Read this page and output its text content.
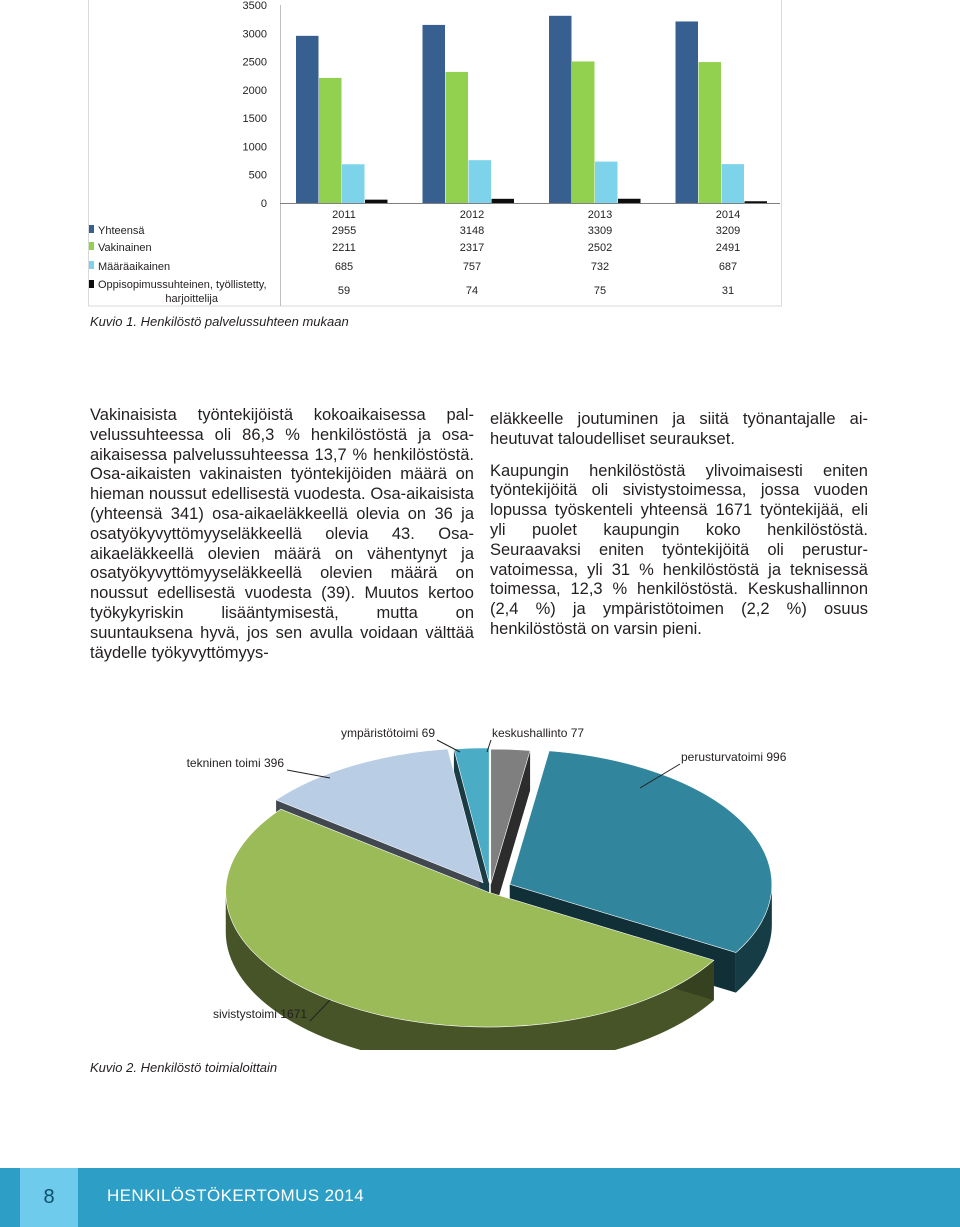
0
500
1000
1500
2000
2500
3000
3500
2011	2012	2013	2014
Yhteensä	2955	3148	3309	3209
Vakinainen	2211	2317	2502	2491
Määräaikainen	685	757	732	687
Oppisopimussuhteinen, työllistetty,
harjoittelija
59	74	75	31
Kuvio 1. Henkilöstö palvelussuhteen mukaan

Vakinaisista työntekijöistä kokoaikaisessa palvelussuhteessa oli 86,3 % henkilöstöstä ja osaaikaisessa palvelussuhteessa 13,7 % henkilöstöstä. Osa-aikaisten vakinaisten työntekijöiden määrä on hieman noussut edellisestä vuodesta. Osa-aikaisista (yhteensä 341) osa-aikaeläkkeellä olevia on 36 ja osatyökyvyttömyyseläkkeellä olevia 43. Osa-aikaeläkkeellä olevien määrä on vähentynyt ja osatyökyvyttömyyseläkkeellä olevien määrä on noussut edellisestä vuodesta (39). Muutos kertoo työkykyriskin lisääntymisestä, mutta on suuntauksena hyvä, jos sen avulla voidaan välttää täydelle työkyvyttömyys-

eläkkeelle joutuminen ja siitä työnantajalle aiheutuvat taloudelliset seuraukset.

Kaupungin henkilöstöstä ylivoimaisesti eniten työntekijöitä oli sivistystoimessa, jossa vuoden lopussa työskenteli yhteensä 1671 työntekijää, eli yli puolet kaupungin koko henkilöstöstä. Seuraavaksi eniten työntekijöitä oli perusturvatoimessa, yli 31 % henkilöstöstä ja teknisessä toimessa, 12,3 % henkilöstöstä. Keskushallinnon (2,4 %) ja ympäristötoimen (2,2 %) osuus henkilöstöstä on varsin pieni.

keskushallinto 77
perusturvatoimi 996
sivistystoimi 1671
tekninen toimi 396
ympäristötoimi 69
Kuvio 2. Henkilöstö toimialoittain
8	HENKILÖSTÖKERTOMUS 2014
